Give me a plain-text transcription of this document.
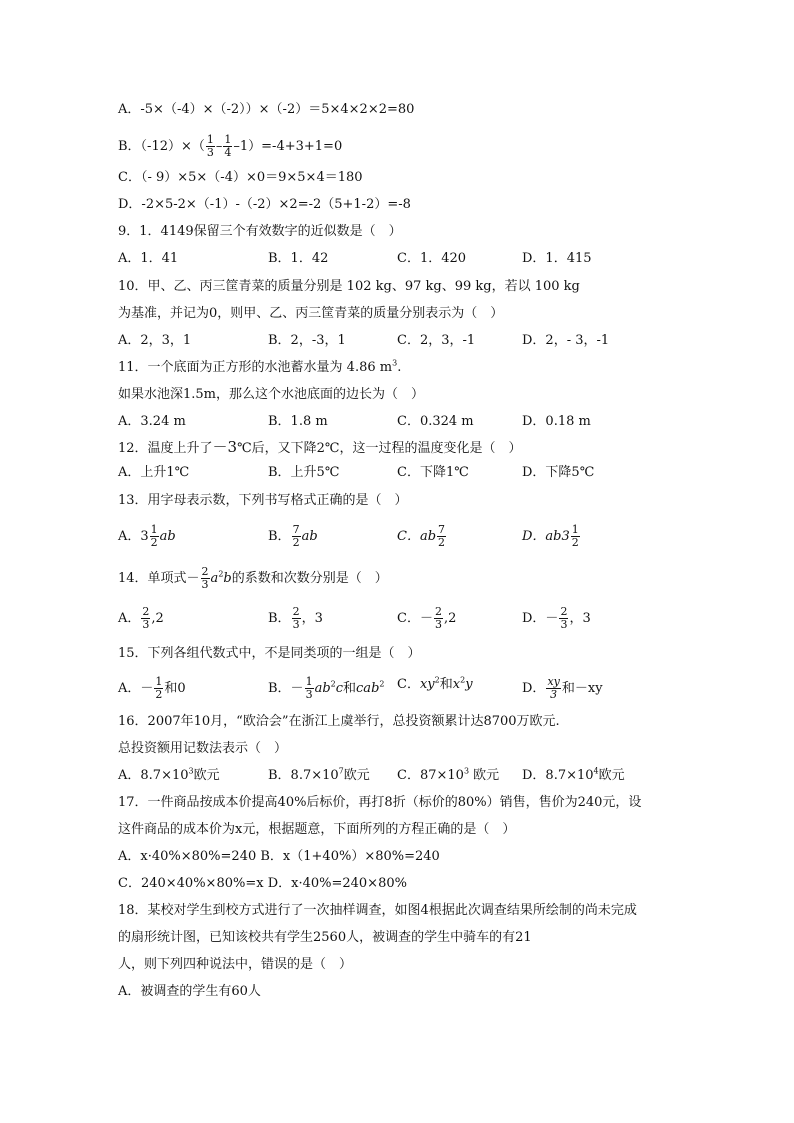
A．-5×（-4）×（-2））×（-2）＝5×4×2×2=80
B．$(-12)\times( \frac{1}{3} - \frac{1}{4} -1)=-4+3+1=0$
C．（- 9）×5×（-4）×0＝9×5×4＝180
D．-2×5-2×（-1）-（-2）×2=-2（5+1-2）=-8
9．1．4149保留三个有效数字的近似数是（　）
A．1．41	B．1．42	C．1．420	D．1．415
10．甲、乙、丙三筐青菜的质量分别是 102 kg、97 kg、99 kg，若以 100 kg
为基准，并记为0，则甲、乙、丙三筐青菜的质量分别表示为（　）
A．2，3，1	B．2，-3，1	C．2，3，-1	D．2，- 3，-1
11．一个底面为正方形的水池蓄水量为 4.86 $m^3$.
如果水池深1.5m，那么这个水池底面的边长为（　）
A．3.24 m	B．1.8 m	C．0.324 m	D．0.18 m
12．温度上升了－3℃后，又下降2℃，这一过程的温度变化是（　）
A．上升1℃	B．上升5℃	C．下降1℃	D．下降5℃
13．用字母表示数，下列书写格式正确的是（　）
A．$3 \frac{1}{2}$ ab	B． $\frac{7}{2}$ ab	C．ab $\frac{7}{2}$	D．$ab3 \frac{1}{2}$
14．单项式－ $\frac{2}{3} a^2b$的系数和次数分别是（　）
A． $\frac{2}{3} ,2$	B． $\frac{2}{3}$ ，3	C．－ $\frac{2}{3} ,2$	D．－ $\frac{2}{3}$ ，3
15．下列各组代数式中，不是同类项的一组是（　）
A．－ $\frac{1}{2}$ 和0	B．－ $\frac{1}{3} ab^2c$和cab$^2$ C．$xy^2$和$x^2y$	D． $\frac{xy}{3}$ 和－xy
16．2007年10月，“欧洽会”在浙江上虞举行，总投资额累计达8700万欧元.
总投资额用记数法表示（　）
A．$8.7\times 10^3$欧元	B．$8.7\times 10^7$欧元 C．$87\times 10^3$ 欧元 D．$8.7\times 10^4$欧元
17．一件商品按成本价提高40%后标价，再打8折（标价的80%）销售，售价为240元，设
这件商品的成本价为x元，根据题意，下面所列的方程正确的是（　）
A．x·40%×80%=240 B．x（1+40%）×80%=240
C．240×40%×80%=x D．x·40%=240×80%
18．某校对学生到校方式进行了一次抽样调查，如图4根据此次调查结果所绘制的尚未完成
的扇形统计图，已知该校共有学生2560人，被调查的学生中骑车的有21
人，则下列四种说法中，错误的是（　）
A．被调查的学生有60人
